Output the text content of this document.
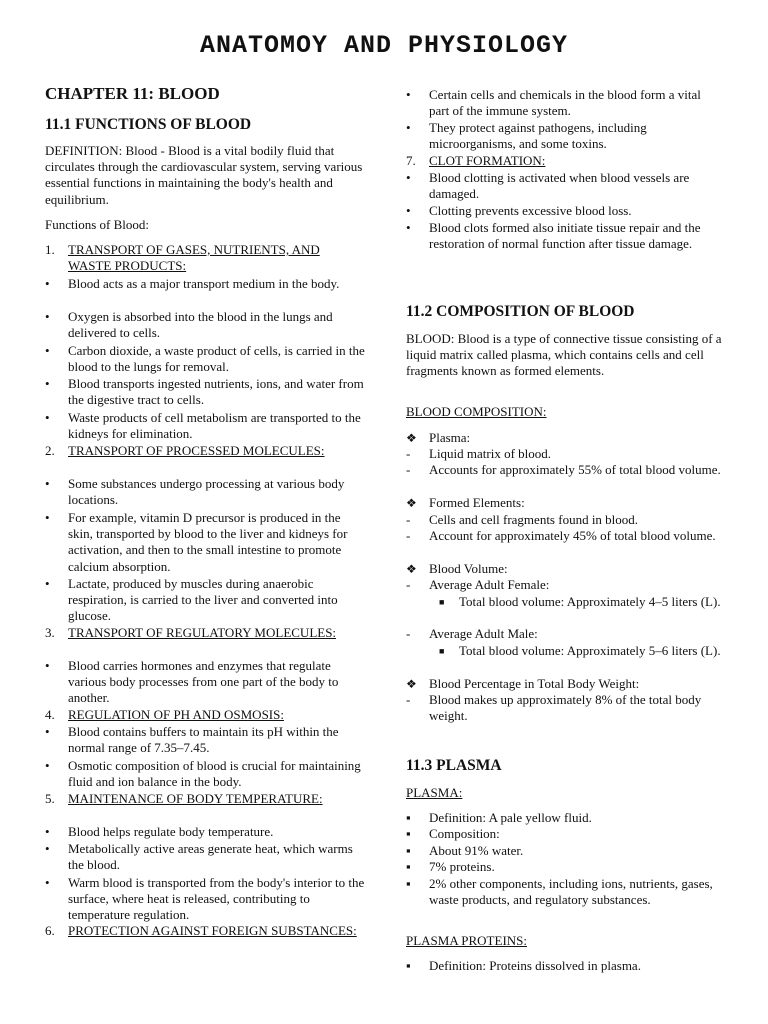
ANATOMOY AND PHYSIOLOGY
CHAPTER 11: BLOOD
11.1 FUNCTIONS OF BLOOD
DEFINITION: Blood - Blood is a vital bodily fluid that circulates through the cardiovascular system, serving various essential functions in maintaining the body's health and equilibrium.
Functions of Blood:
1.	TRANSPORT OF GASES, NUTRIENTS, AND WASTE PRODUCTS:
•	Blood acts as a major transport medium in the body.
•	Oxygen is absorbed into the blood in the lungs and delivered to cells.
•	Carbon dioxide, a waste product of cells, is carried in the blood to the lungs for removal.
•	Blood transports ingested nutrients, ions, and water from the digestive tract to cells.
•	Waste products of cell metabolism are transported to the kidneys for elimination.
2.	TRANSPORT OF PROCESSED MOLECULES:
•	Some substances undergo processing at various body locations.
•	For example, vitamin D precursor is produced in the skin, transported by blood to the liver and kidneys for activation, and then to the small intestine to promote calcium absorption.
•	Lactate, produced by muscles during anaerobic respiration, is carried to the liver and converted into glucose.
3.	TRANSPORT OF REGULATORY MOLECULES:
•	Blood carries hormones and enzymes that regulate various body processes from one part of the body to another.
4.	REGULATION OF PH AND OSMOSIS:
•	Blood contains buffers to maintain its pH within the normal range of 7.35–7.45.
•	Osmotic composition of blood is crucial for maintaining fluid and ion balance in the body.
5.	MAINTENANCE OF BODY TEMPERATURE:
•	Blood helps regulate body temperature.
•	Metabolically active areas generate heat, which warms the blood.
•	Warm blood is transported from the body's interior to the surface, where heat is released, contributing to temperature regulation.
6.	PROTECTION AGAINST FOREIGN SUBSTANCES:
•	Certain cells and chemicals in the blood form a vital part of the immune system.
•	They protect against pathogens, including microorganisms, and some toxins.
7.	CLOT FORMATION:
•	Blood clotting is activated when blood vessels are damaged.
•	Clotting prevents excessive blood loss.
•	Blood clots formed also initiate tissue repair and the restoration of normal function after tissue damage.
11.2 COMPOSITION OF BLOOD
BLOOD: Blood is a type of connective tissue consisting of a liquid matrix called plasma, which contains cells and cell fragments known as formed elements.
BLOOD COMPOSITION:
❖ Plasma:
-	Liquid matrix of blood.
-	Accounts for approximately 55% of total blood volume.
❖ Formed Elements:
-	Cells and cell fragments found in blood.
-	Account for approximately 45% of total blood volume.
❖ Blood Volume:
-	Average Adult Female:
■	Total blood volume: Approximately 4–5 liters (L).
-	Average Adult Male:
■	Total blood volume: Approximately 5–6 liters (L).
❖ Blood Percentage in Total Body Weight:
-	Blood makes up approximately 8% of the total body weight.
11.3 PLASMA
PLASMA:
▪	Definition: A pale yellow fluid.
▪	Composition:
▪	About 91% water.
▪	7% proteins.
▪	2% other components, including ions, nutrients, gases, waste products, and regulatory substances.
PLASMA PROTEINS:
▪	Definition: Proteins dissolved in plasma.
